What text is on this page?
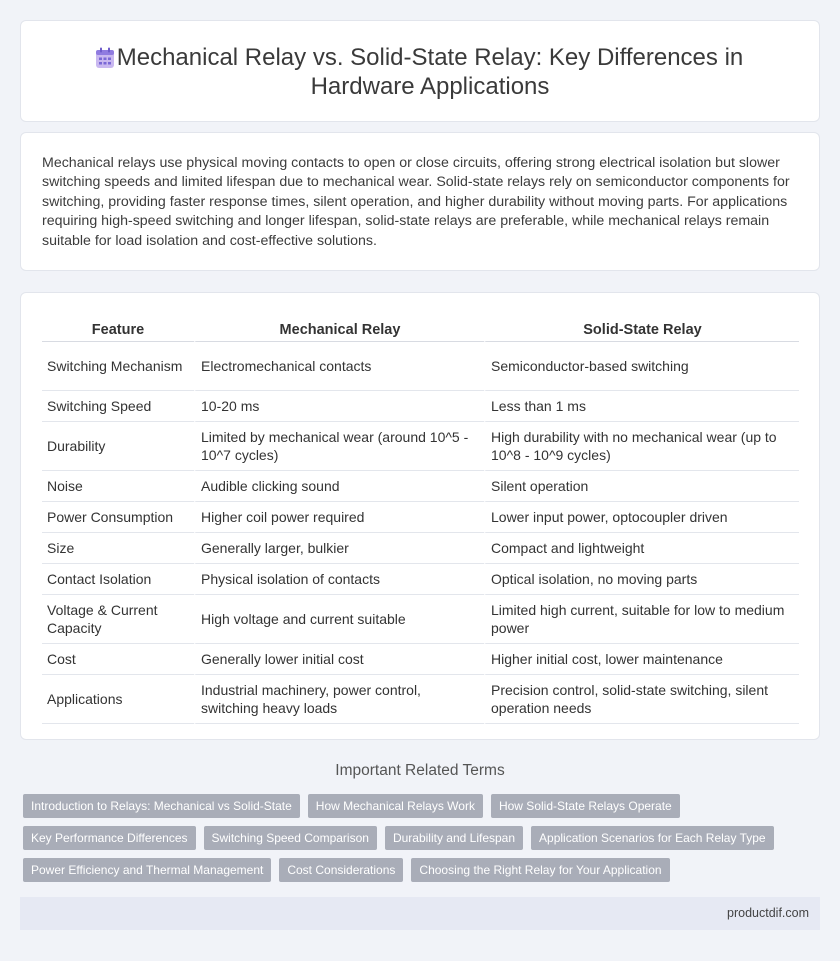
Mechanical Relay vs. Solid-State Relay: Key Differences in Hardware Applications

Mechanical relays use physical moving contacts to open or close circuits, offering strong electrical isolation but slower switching speeds and limited lifespan due to mechanical wear. Solid-state relays rely on semiconductor components for switching, providing faster response times, silent operation, and higher durability without moving parts. For applications requiring high-speed switching and longer lifespan, solid-state relays are preferable, while mechanical relays remain suitable for load isolation and cost-effective solutions.

Feature	Mechanical Relay	Solid-State Relay
Switching Mechanism	Electromechanical contacts	Semiconductor-based switching
Switching Speed	10-20 ms	Less than 1 ms
Durability	Limited by mechanical wear (around 10^5 - 10^7 cycles)	High durability with no mechanical wear (up to 10^8 - 10^9 cycles)
Noise	Audible clicking sound	Silent operation
Power Consumption	Higher coil power required	Lower input power, optocoupler driven
Size	Generally larger, bulkier	Compact and lightweight
Contact Isolation	Physical isolation of contacts	Optical isolation, no moving parts
Voltage & Current Capacity	High voltage and current suitable	Limited high current, suitable for low to medium power
Cost	Generally lower initial cost	Higher initial cost, lower maintenance
Applications	Industrial machinery, power control, switching heavy loads	Precision control, solid-state switching, silent operation needs
Important Related Terms
Introduction to Relays: Mechanical vs Solid-State	How Mechanical Relays Work	How Solid-State Relays Operate
Key Performance Differences	Switching Speed Comparison	Durability and Lifespan	Application Scenarios for Each Relay Type
Power Efficiency and Thermal Management	Cost Considerations	Choosing the Right Relay for Your Application
productdif.com
